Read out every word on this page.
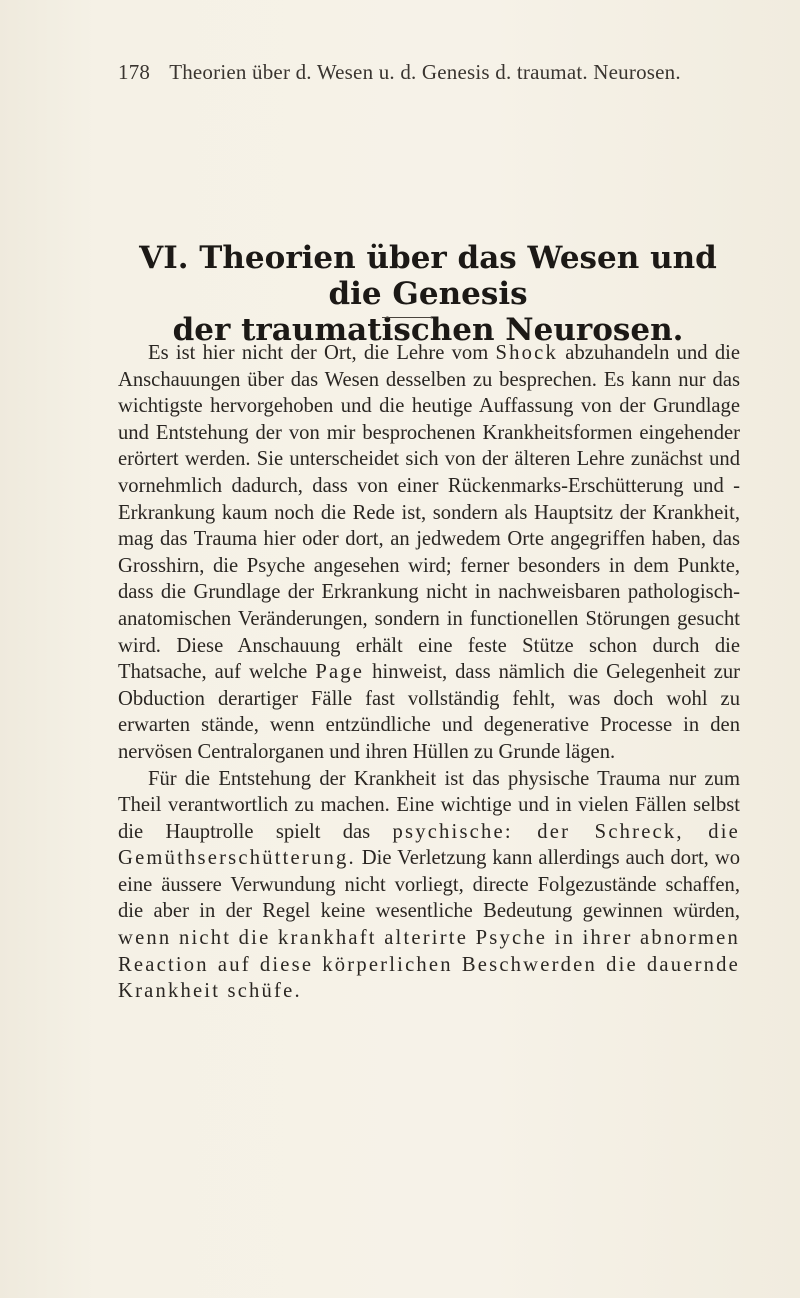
178 Theorien über d. Wesen u. d. Genesis d. traumat. Neurosen.
VI. Theorien über das Wesen und die Genesis
der traumatischen Neurosen.

Es ist hier nicht der Ort, die Lehre vom Shock abzuhandeln und die Anschauungen über das Wesen desselben zu besprechen. Es kann nur das wichtigste hervorgehoben und die heutige Auffassung von der Grundlage und Entstehung der von mir besprochenen Krankheitsformen eingehender erörtert werden. Sie unterscheidet sich von der älteren Lehre zunächst und vornehmlich dadurch, dass von einer Rückenmarks-Erschütterung und -Erkrankung kaum noch die Rede ist, sondern als Hauptsitz der Krankheit, mag das Trauma hier oder dort, an jedwedem Orte angegriffen haben, das Grosshirn, die Psyche angesehen wird; ferner besonders in dem Punkte, dass die Grundlage der Erkrankung nicht in nachweisbaren pathologisch-anatomischen Veränderungen, sondern in functionellen Störungen gesucht wird. Diese Anschauung erhält eine feste Stütze schon durch die Thatsache, auf welche Page hinweist, dass nämlich die Gelegenheit zur Obduction derartiger Fälle fast vollständig fehlt, was doch wohl zu erwarten stände, wenn entzündliche und degenerative Processe in den nervösen Centralorganen und ihren Hüllen zu Grunde lägen.

Für die Entstehung der Krankheit ist das physische Trauma nur zum Theil verantwortlich zu machen. Eine wichtige und in vielen Fällen selbst die Hauptrolle spielt das psychische: der Schreck, die Gemüthserschütterung. Die Verletzung kann allerdings auch dort, wo eine äussere Verwundung nicht vorliegt, directe Folgezustände schaffen, die aber in der Regel keine wesentliche Bedeutung gewinnen würden, wenn nicht die krankhaft alterirte Psyche in ihrer abnormen Reaction auf diese körperlichen Beschwerden die dauernde Krankheit schüfe.
